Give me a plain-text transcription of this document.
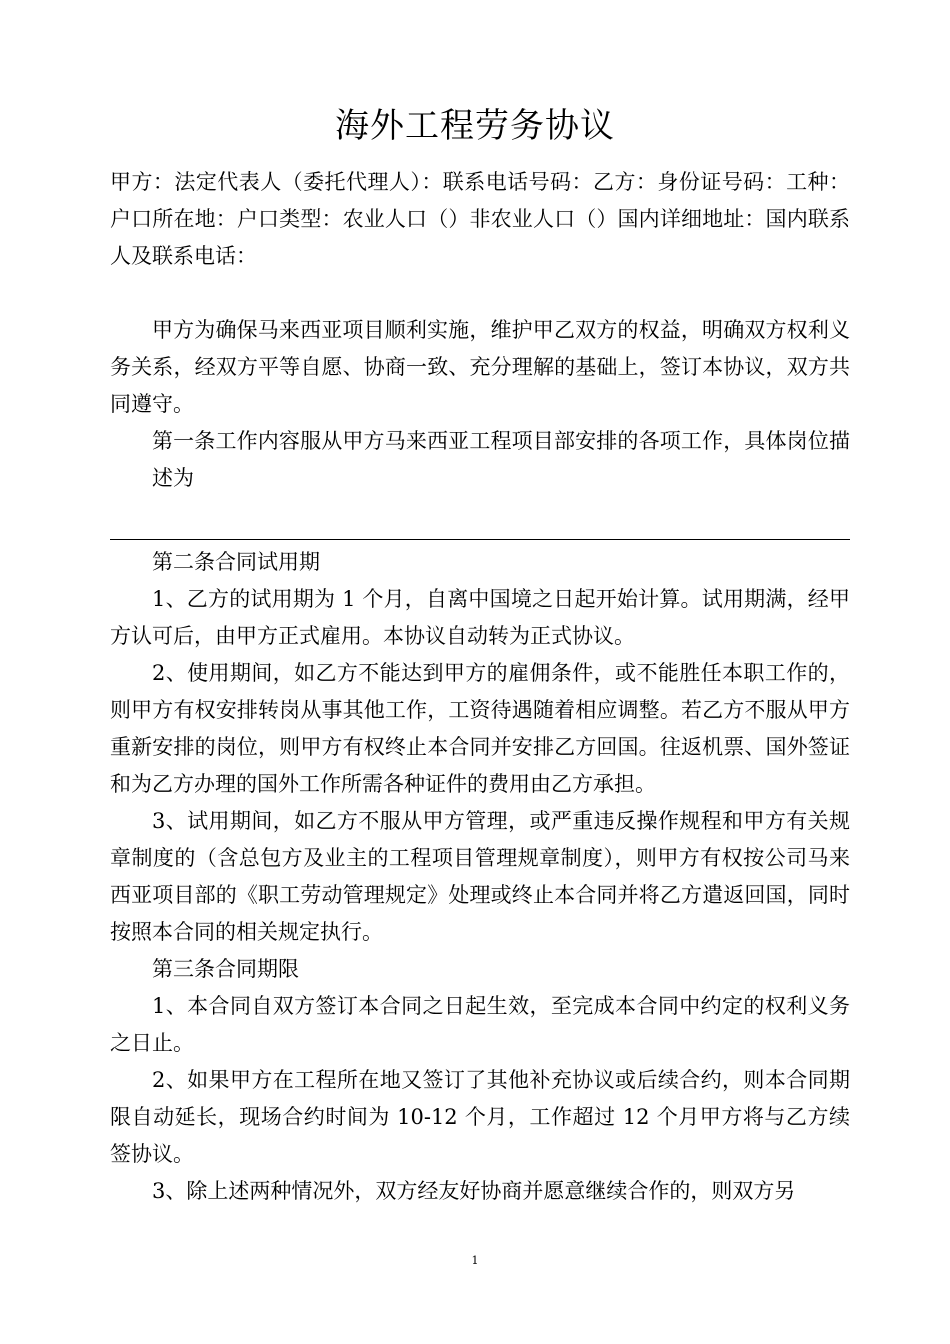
海外工程劳务协议

甲方：法定代表人（委托代理人）：联系电话号码：乙方：身份证号码：工种：户口所在地：户口类型：农业人口（）非农业人口（）国内详细地址：国内联系人及联系电话：

甲方为确保马来西亚项目顺利实施，维护甲乙双方的权益，明确双方权利义务关系，经双方平等自愿、协商一致、充分理解的基础上，签订本协议，双方共同遵守。

第一条工作内容服从甲方马来西亚工程项目部安排的各项工作，具体岗位描述为

第二条合同试用期

1、乙方的试用期为 1 个月，自离中国境之日起开始计算。试用期满，经甲方认可后，由甲方正式雇用。本协议自动转为正式协议。

2、使用期间，如乙方不能达到甲方的雇佣条件，或不能胜任本职工作的，则甲方有权安排转岗从事其他工作，工资待遇随着相应调整。若乙方不服从甲方重新安排的岗位，则甲方有权终止本合同并安排乙方回国。往返机票、国外签证和为乙方办理的国外工作所需各种证件的费用由乙方承担。

3、试用期间，如乙方不服从甲方管理，或严重违反操作规程和甲方有关规章制度的（含总包方及业主的工程项目管理规章制度），则甲方有权按公司马来西亚项目部的《职工劳动管理规定》处理或终止本合同并将乙方遣返回国，同时按照本合同的相关规定执行。

第三条合同期限

1、本合同自双方签订本合同之日起生效，至完成本合同中约定的权利义务之日止。

2、如果甲方在工程所在地又签订了其他补充协议或后续合约，则本合同期限自动延长，现场合约时间为 10-12 个月，工作超过 12 个月甲方将与乙方续签协议。

3、除上述两种情况外，双方经友好协商并愿意继续合作的，则双方另

1
